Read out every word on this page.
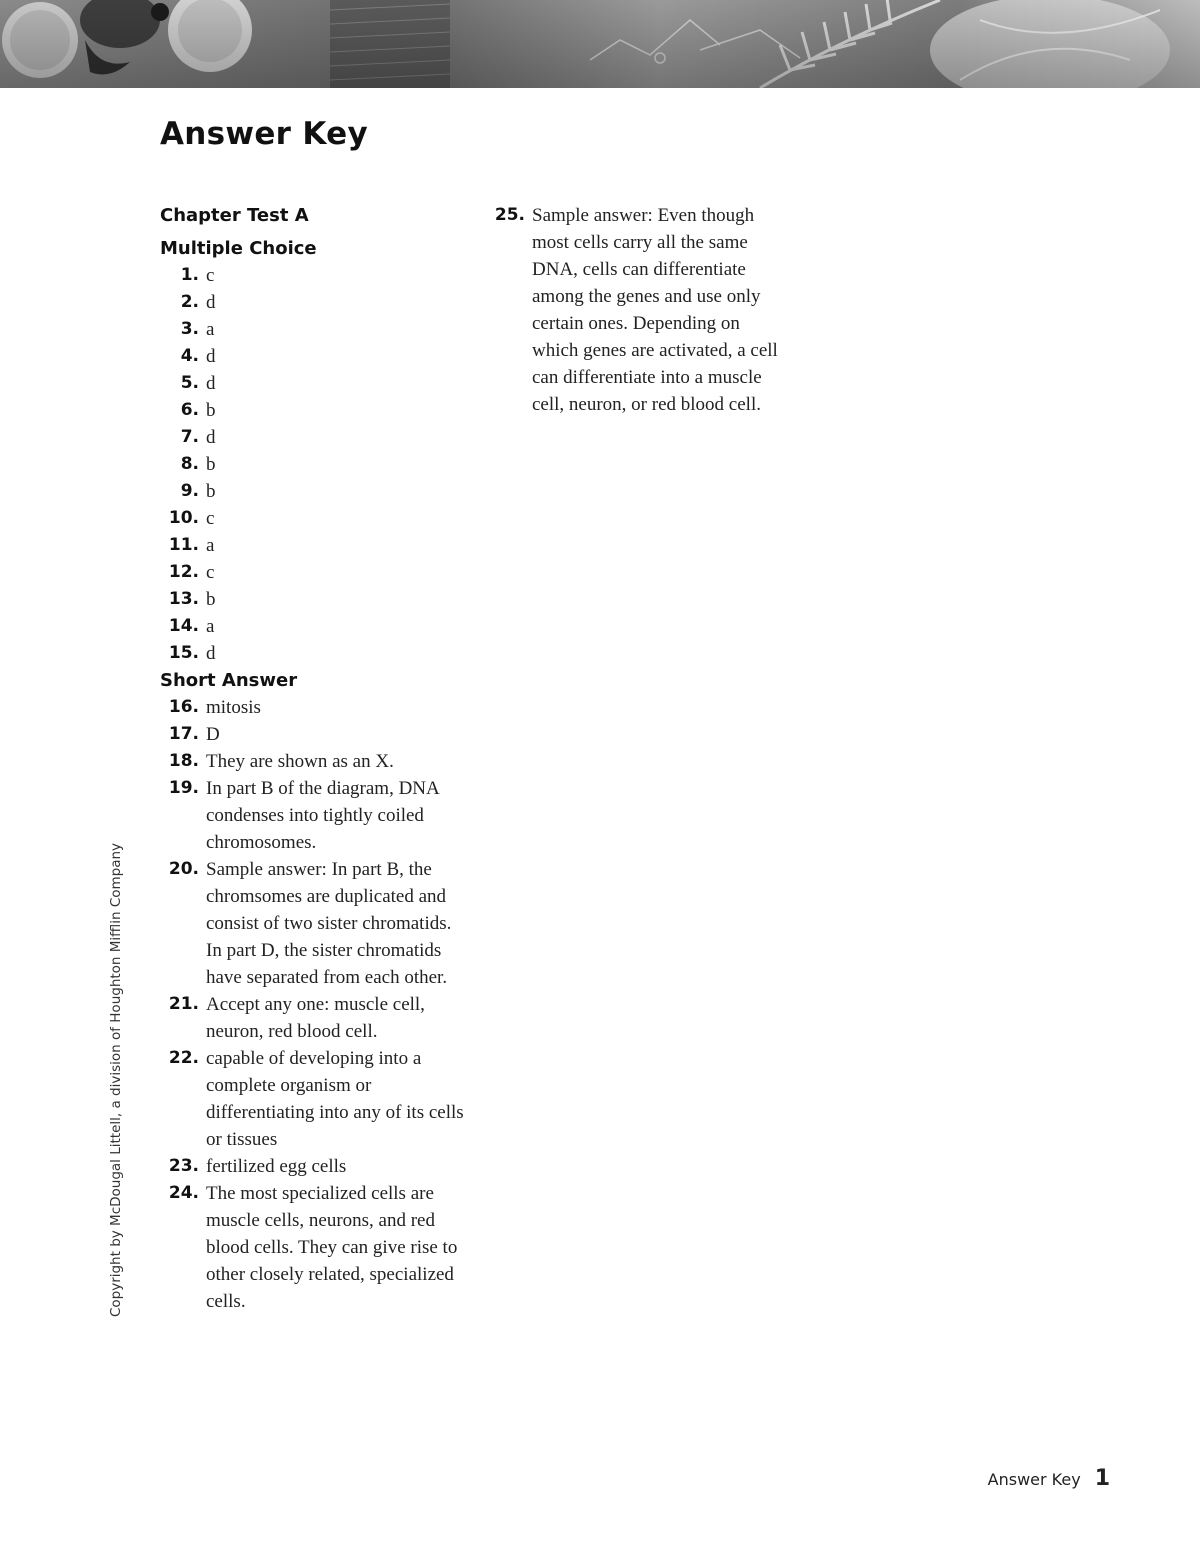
Answer Key
Chapter Test A
Multiple Choice
1. c
2. d
3. a
4. d
5. d
6. b
7. d
8. b
9. b
10. c
11. a
12. c
13. b
14. a
15. d
Short Answer
16. mitosis
17. D
18. They are shown as an X.
19. In part B of the diagram, DNA condenses into tightly coiled chromosomes.
20. Sample answer: In part B, the chromsomes are duplicated and consist of two sister chromatids. In part D, the sister chromatids have separated from each other.
21. Accept any one: muscle cell, neuron, red blood cell.
22. capable of developing into a complete organism or differentiating into any of its cells or tissues
23. fertilized egg cells
24. The most specialized cells are muscle cells, neurons, and red blood cells. They can give rise to other closely related, specialized cells.
25. Sample answer: Even though most cells carry all the same DNA, cells can differentiate among the genes and use only certain ones. Depending on which genes are activated, a cell can differentiate into a muscle cell, neuron, or red blood cell.
Copyright by McDougal Littell, a division of Houghton Mifflin Company
Answer Key 1
